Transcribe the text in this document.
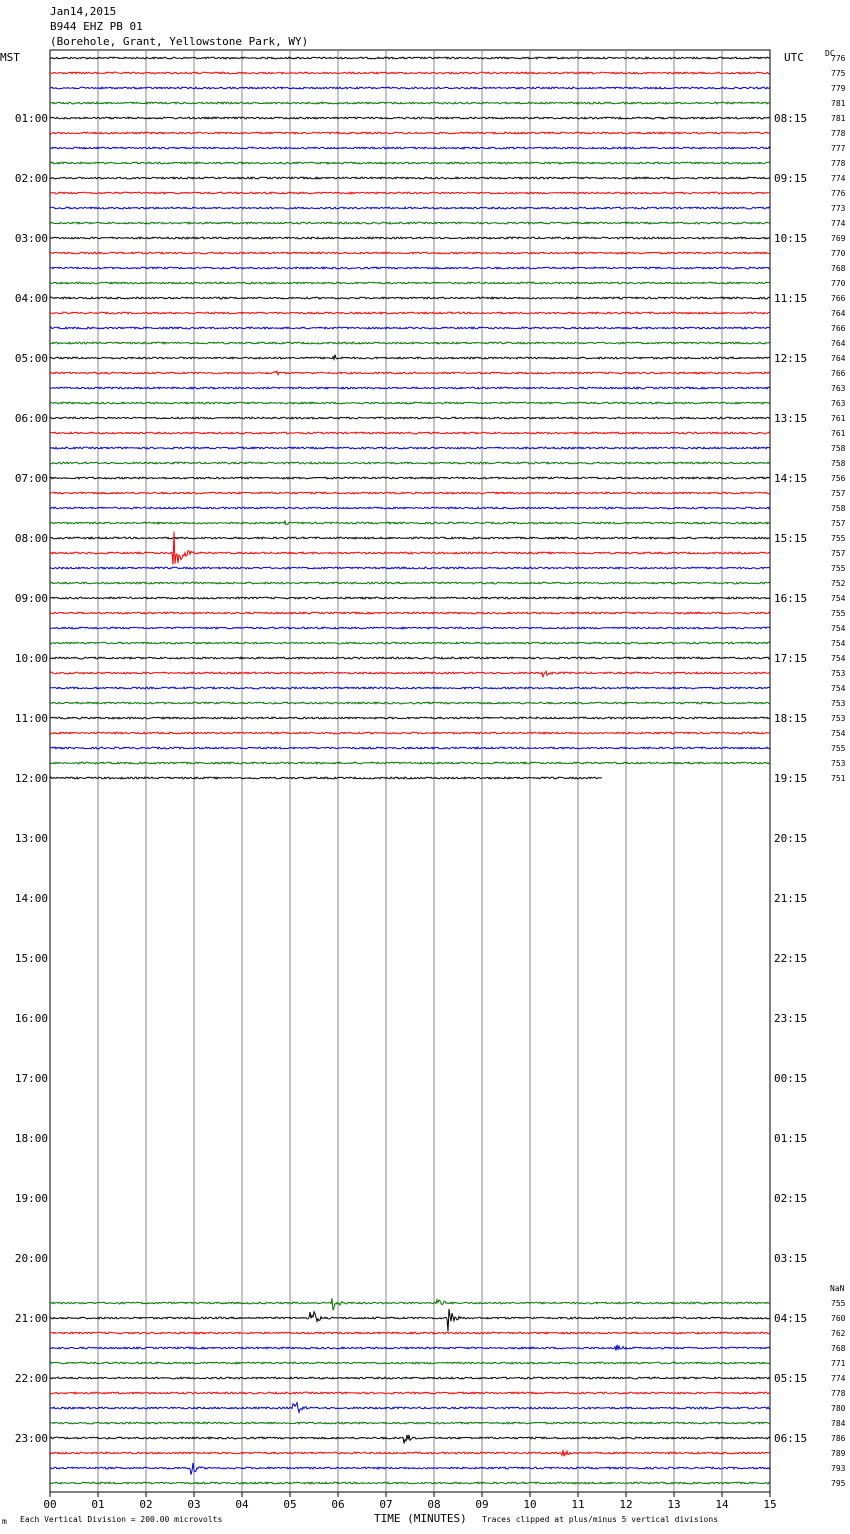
Jan14,2015
B944 EHZ PB 01
(Borehole, Grant, Yellowstone Park, WY)
MST	UTC	DC
NaN
00	01	02	03	04	05	06	07	08	09	10	11	12	13	14	15
01:00	08:15
02:00	09:15
03:00	10:15
04:00	11:15
05:00	12:15
06:00	13:15
07:00	14:15
08:00	15:15
09:00	16:15
10:00	17:15
11:00	18:15
12:00	19:15
13:00	20:15
14:00	21:15
15:00	22:15
16:00	23:15
17:00	00:15
18:00	01:15
19:00	02:15
20:00	03:15
21:00	04:15
22:00	05:15
23:00	06:15
776
775
779
781
781
778
777
778
774
776
773
774
769
770
768
770
766
764
766
764
764
766
763
763
761
761
758
758
756
757
758
757
755
757
755
752
754
755
754
754
754
753
754
753
753
754
755
753
751
755
760
762
768
771
774
778
780
784
786
789
793
795
m Each Vertical Division = 200.00 microvolts	TIME (MINUTES) Traces clipped at plus/minus 5 vertical divisions
